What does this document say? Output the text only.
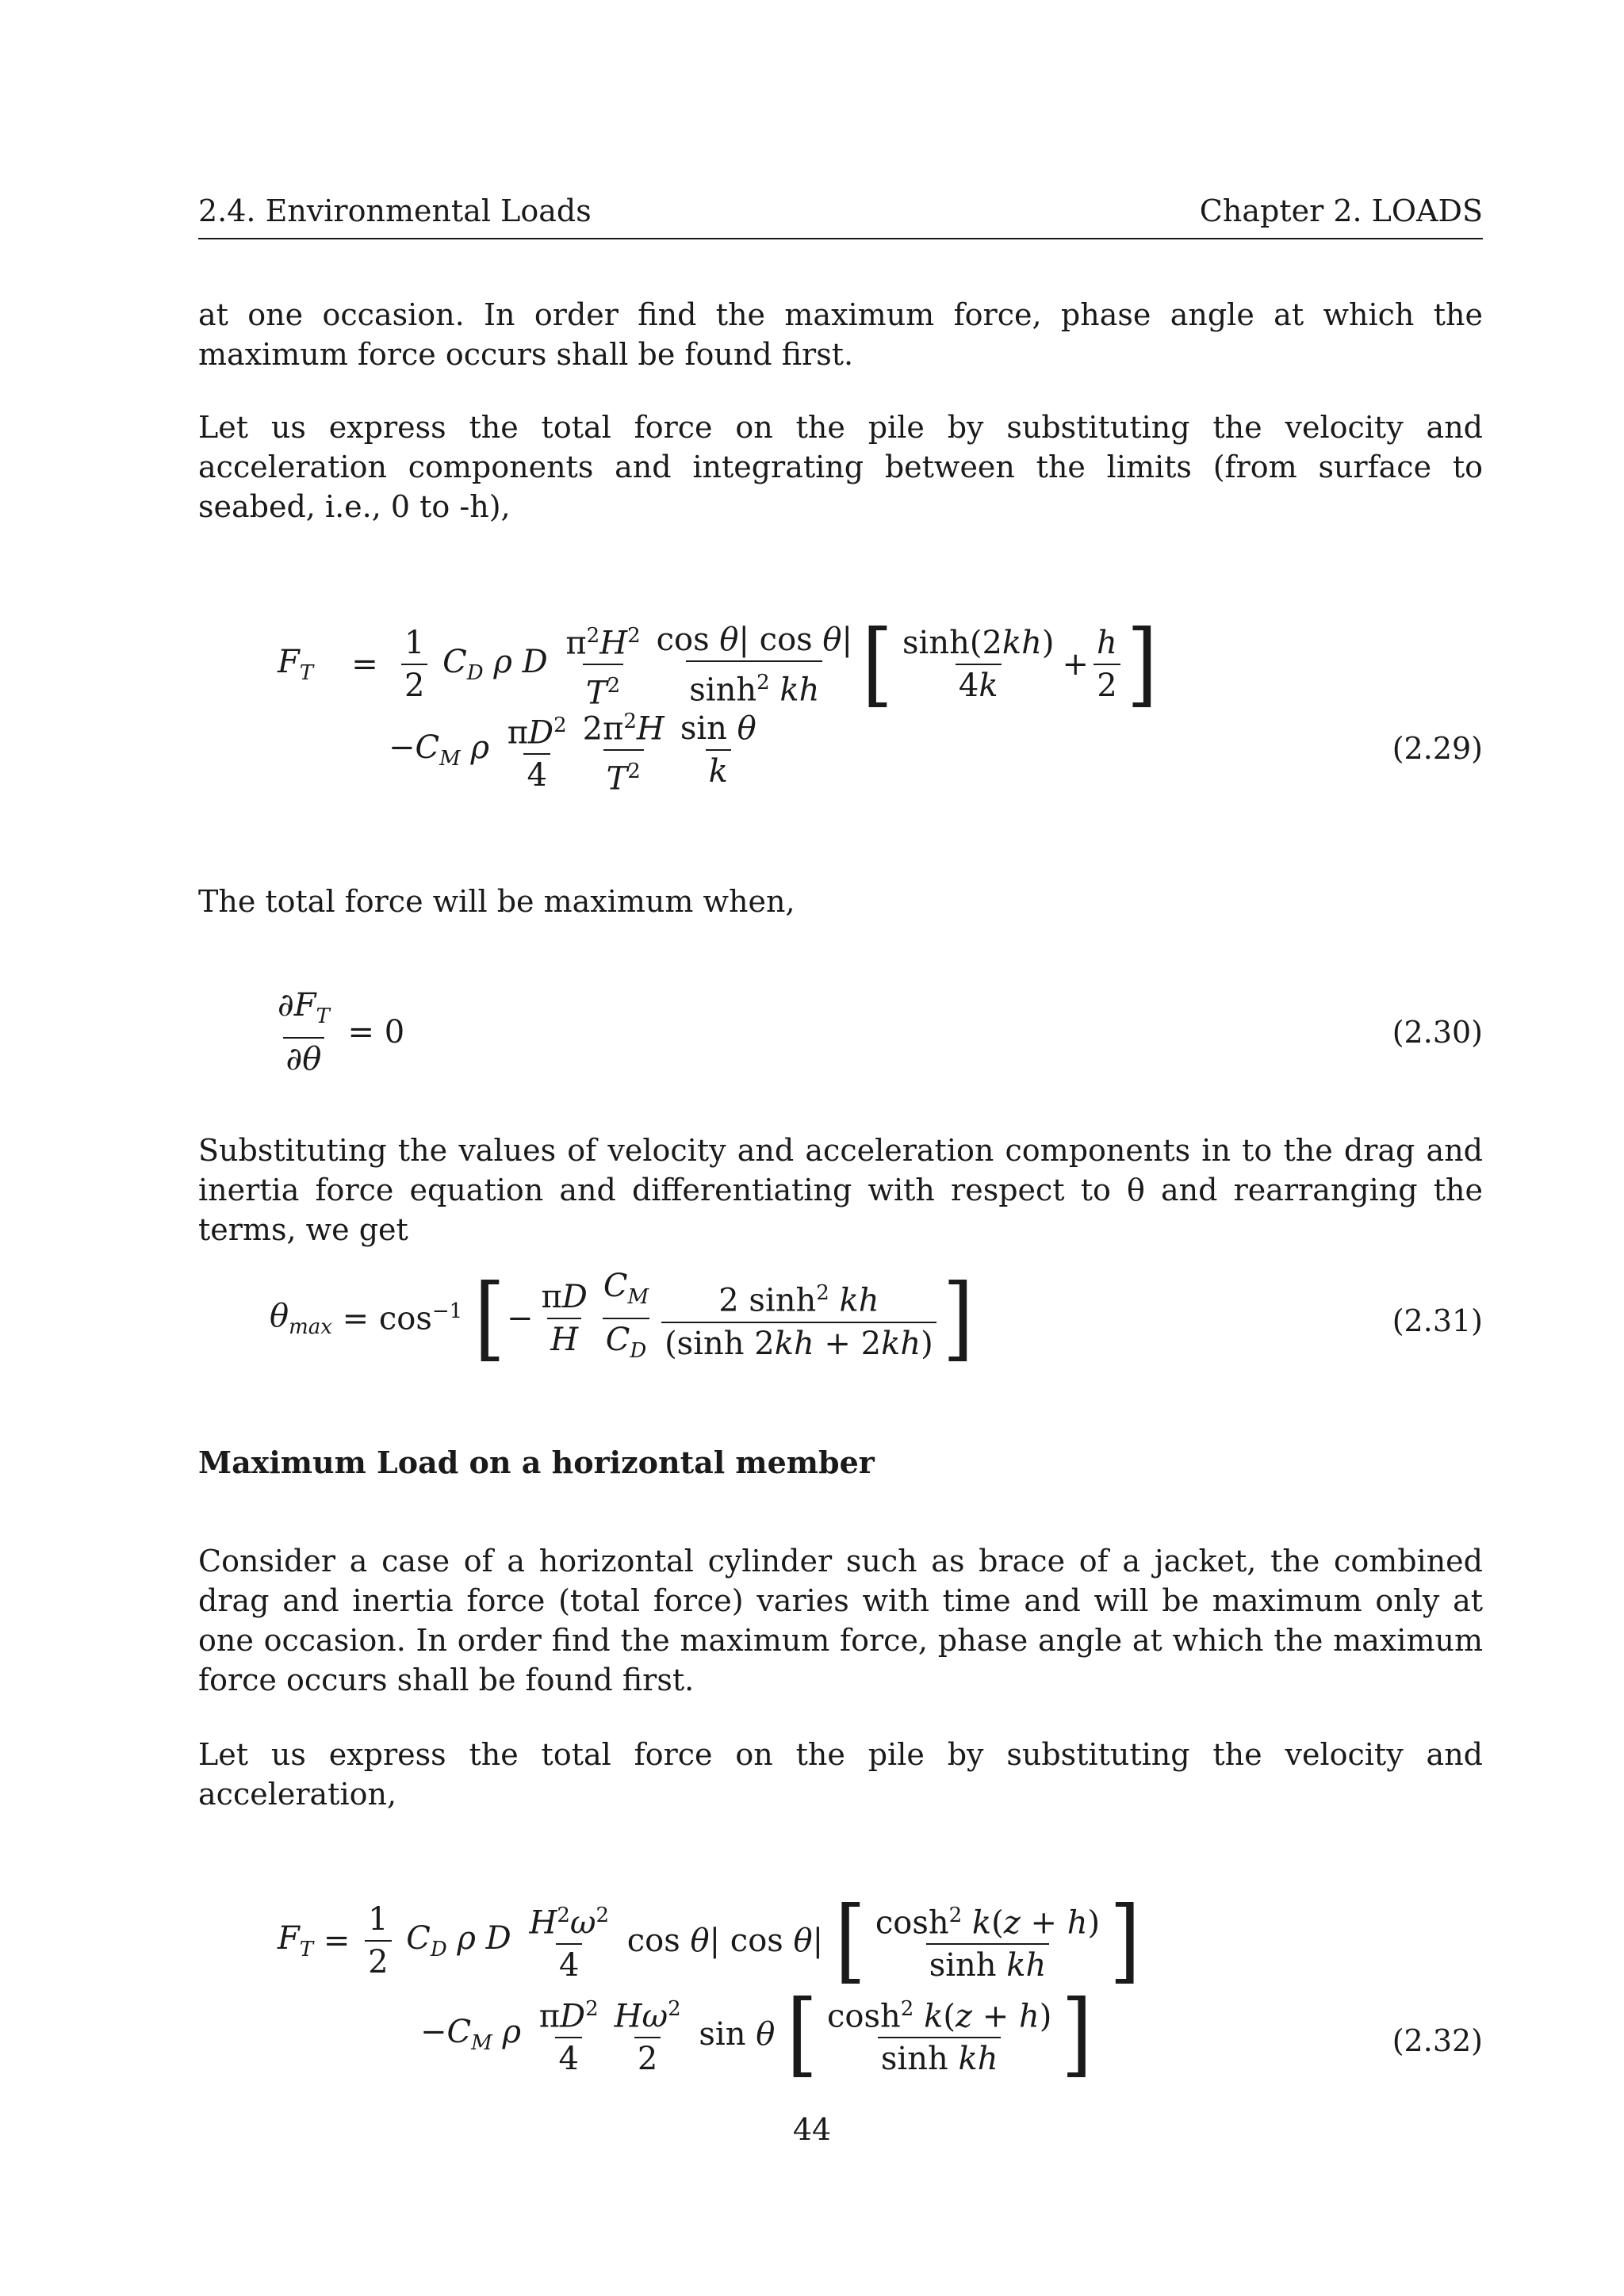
2.4. Environmental Loads	Chapter 2. LOADS
at one occasion. In order find the maximum force, phase angle at which the maximum force occurs shall be found first.
Let us express the total force on the pile by substituting the velocity and acceleration components and integrating between the limits (from surface to seabed, i.e., 0 to -h),
$F_T$	= $\frac{1}{2} C_D$ ρ D $\frac{\pi^2H^2}{T^2} \frac{\text{cos θ| cos θ|}}{\sinh^2 kh}$ [ $\frac{\sinh(2kh)}{4k} + \frac{h}{2}$ ]
$-C_M$ ρ $\frac{\pi D^2}{4} \frac{2\pi^2H}{T^2} \frac{\text{sin θ}}{k}$	(2.29)
The total force will be maximum when,
$\frac{\partial F_T}{\partial\theta} = 0$	(2.30)
Substituting the values of velocity and acceleration components in to the drag and inertia force equation and differentiating with respect to θ and rearranging the terms, we get
$\theta_{max} = \cos^{-1}$ [ − $\frac{\pi D}{H} \frac{C_M}{C_D} \frac{2 \sinh^2 kh}{(\sinh 2kh + 2kh)}$ ]	(2.31)
Maximum Load on a horizontal member
Consider a case of a horizontal cylinder such as brace of a jacket, the combined drag and inertia force (total force) varies with time and will be maximum only at one occasion. In order find the maximum force, phase angle at which the maximum force occurs shall be found first.
Let us express the total force on the pile by substituting the velocity and acceleration,
$F_T = \frac{1}{2} C_D$ ρ D $\frac{H^2\omega^2}{4}$ cos θ| cos θ| [ $\frac{\cosh^2 k(z + h)}{\text{sinh kh}}$ ]
$-C_M$ ρ $\frac{\pi D^2}{4} \frac{H\omega^2}{2}$ sin θ [ $\frac{\cosh^2 k(z + h)}{\text{sinh kh}}$ ]	(2.32)
44
